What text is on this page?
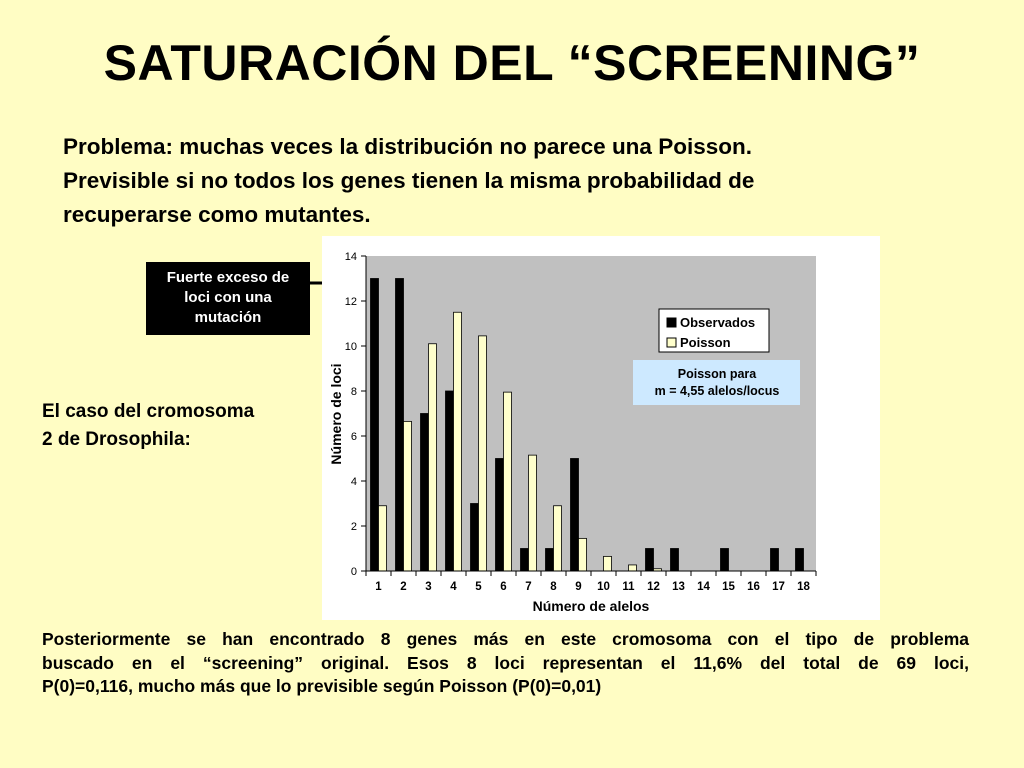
SATURACIÓN DEL “SCREENING”
Problema: muchas veces la distribución no parece una Poisson.
Previsible si no todos los genes tienen la misma probabilidad de
recuperarse como mutantes.
Fuerte exceso de
loci con una
mutación
El caso del cromosoma
2 de Drosophila:
1 2 3 4 5 6 7 8 9 10 11 12 13 14 15 16 17 18
0
2
4
6
8
10
12
14
Número de alelos
Número de loci
Observados
Poisson
Poisson para
m = 4,55 alelos/locus
Posteriormente se han encontrado 8 genes más en este cromosoma con el tipo de problema
buscado en el “screening” original. Esos 8 loci representan el 11,6% del total de 69 loci,
P(0)=0,116, mucho más que lo previsible según Poisson (P(0)=0,01)
